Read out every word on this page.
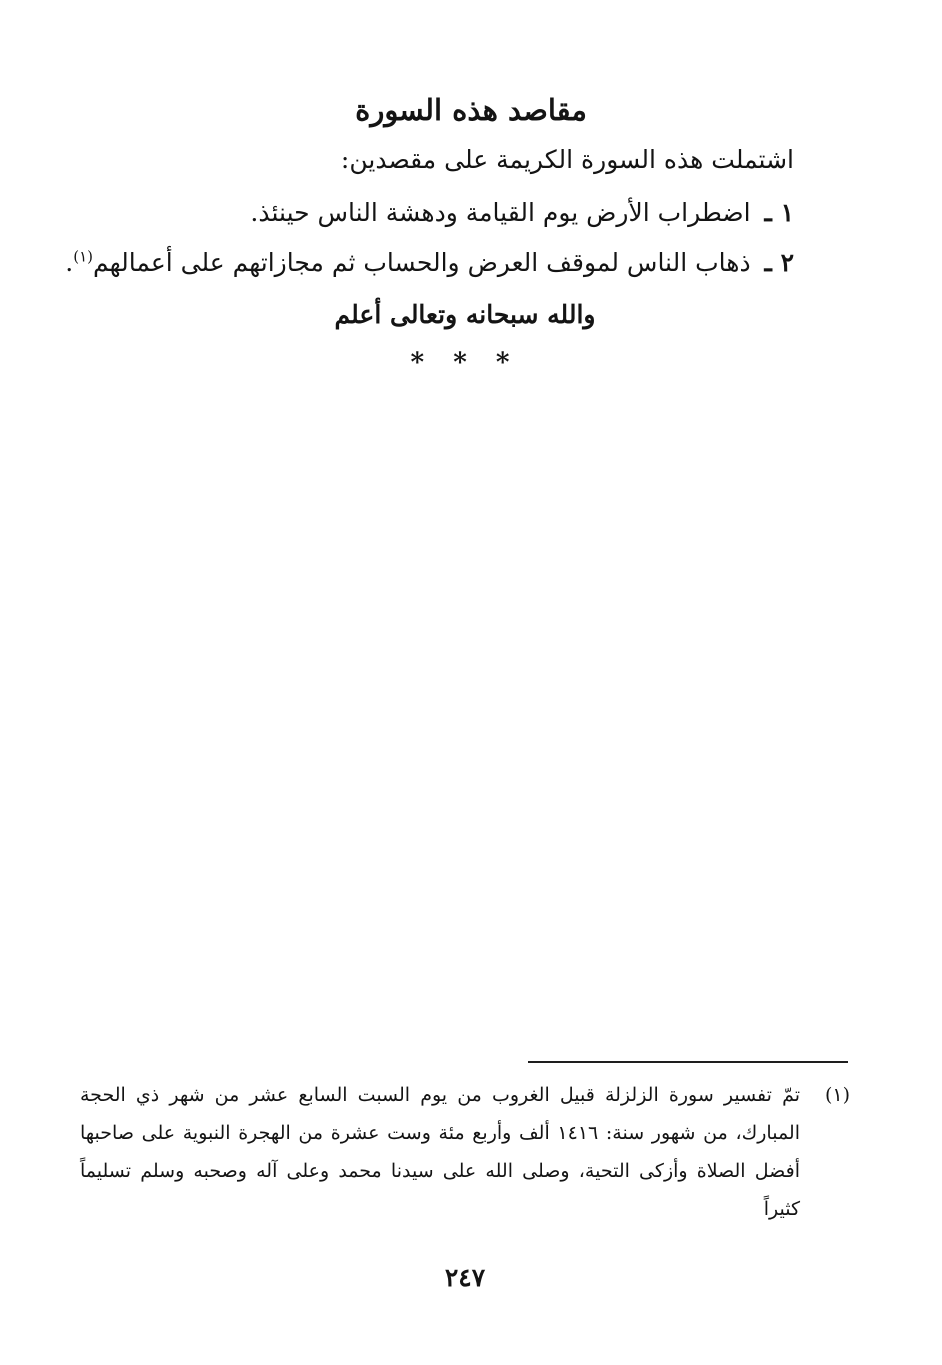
مقاصد هذه السورة
اشتملت هذه السورة الكريمة على مقصدين:
١ ـ اضطراب الأرض يوم القيامة ودهشة الناس حينئذ.
٢ ـ ذهاب الناس لموقف العرض والحساب ثم مجازاتهم على أعمالهم$^{(١)}$.
والله سبحانه وتعالى أعلم
* * *
(١)
تمّ تفسير سورة الزلزلة قبيل الغروب من يوم السبت السابع عشر من شهر ذي الحجة المبارك، من شهور سنة: ١٤١٦ ألف وأربع مئة وست عشرة من الهجرة النبوية على صاحبها أفضل الصلاة وأزكى التحية، وصلى الله على سيدنا محمد وعلى آله وصحبه وسلم تسليماً كثيراً
٢٤٧
